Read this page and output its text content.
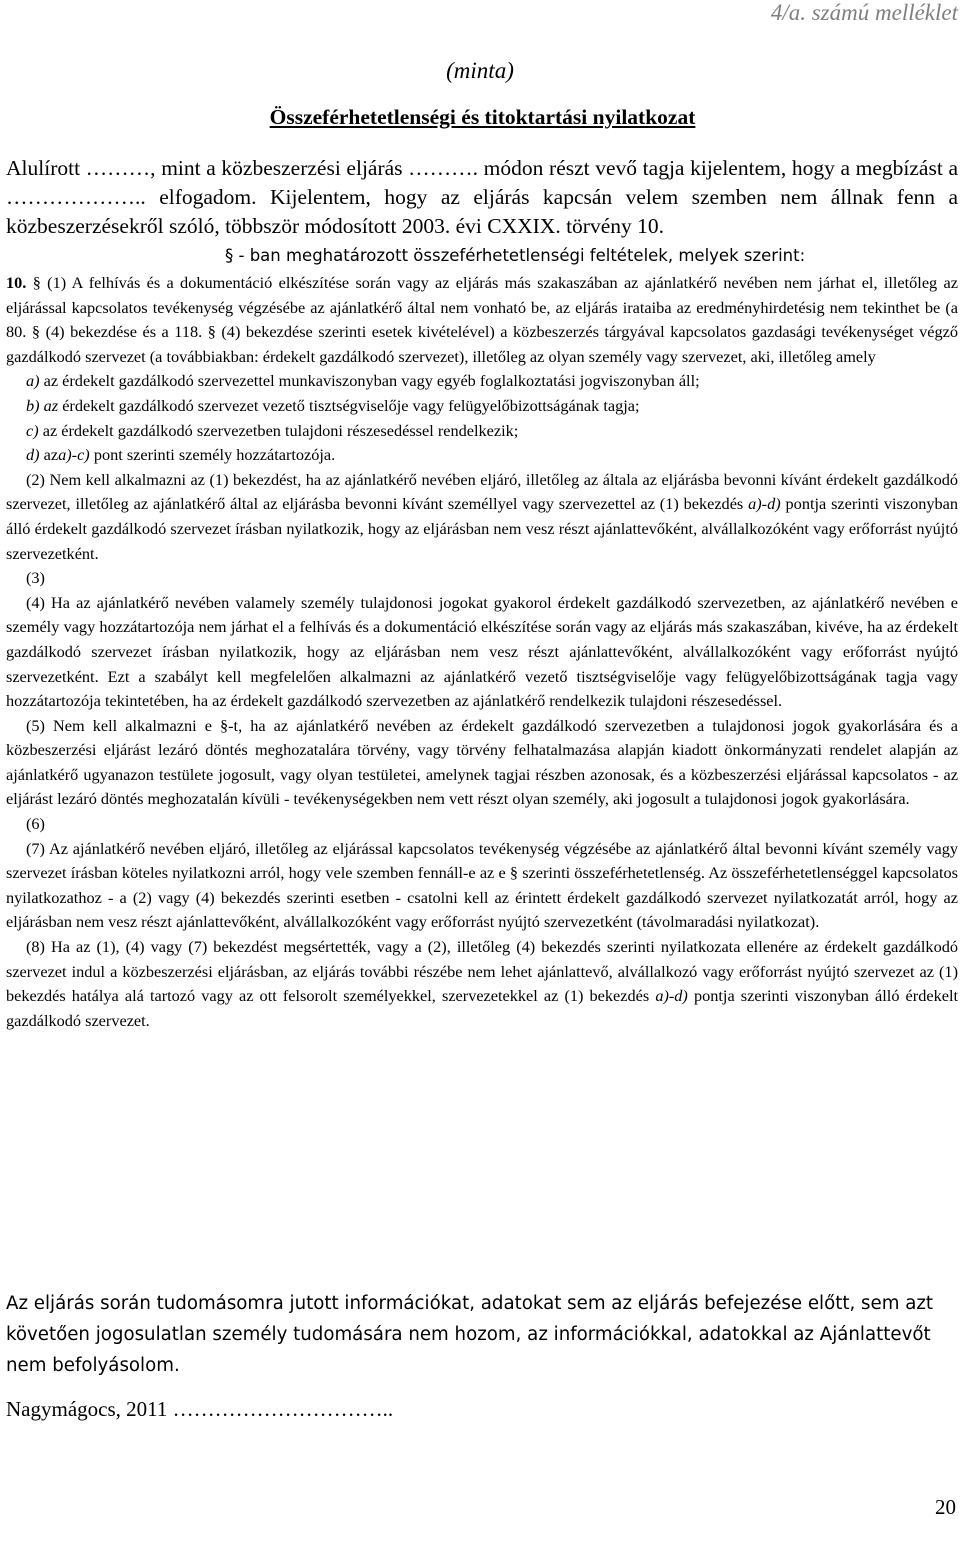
4/a. számú melléklet
(minta)
Összeférhetetlenségi és titoktartási nyilatkozat
Alulírott ………, mint a közbeszerzési eljárás ………. módon részt vevő tagja kijelentem, hogy a megbízást a ……………….. elfogadom. Kijelentem, hogy az eljárás kapcsán velem szemben nem állnak fenn a közbeszerzésekről szóló, többször módosított 2003. évi CXXIX. törvény 10.
§ - ban meghatározott összeférhetetlenségi feltételek, melyek szerint:

10. § (1) A felhívás és a dokumentáció elkészítése során vagy az eljárás más szakaszában az ajánlatkérő nevében nem járhat el, illetőleg az eljárással kapcsolatos tevékenység végzésébe az ajánlatkérő által nem vonható be, az eljárás irataiba az eredményhirdetésig nem tekinthet be (a 80. § (4) bekezdése és a 118. § (4) bekezdése szerinti esetek kivételével) a közbeszerzés tárgyával kapcsolatos gazdasági tevékenységet végző gazdálkodó szervezet (a továbbiakban: érdekelt gazdálkodó szervezet), illetőleg az olyan személy vagy szervezet, aki, illetőleg amely

a) az érdekelt gazdálkodó szervezettel munkaviszonyban vagy egyéb foglalkoztatási jogviszonyban áll;

b) az érdekelt gazdálkodó szervezet vezető tisztségviselője vagy felügyelőbizottságának tagja;

c) az érdekelt gazdálkodó szervezetben tulajdoni részesedéssel rendelkezik;

d) aza)-c) pont szerinti személy hozzátartozója.

(2) Nem kell alkalmazni az (1) bekezdést, ha az ajánlatkérő nevében eljáró, illetőleg az általa az eljárásba bevonni kívánt érdekelt gazdálkodó szervezet, illetőleg az ajánlatkérő által az eljárásba bevonni kívánt személlyel vagy szervezettel az (1) bekezdés a)-d) pontja szerinti viszonyban álló érdekelt gazdálkodó szervezet írásban nyilatkozik, hogy az eljárásban nem vesz részt ajánlattevőként, alvállalkozóként vagy erőforrást nyújtó szervezetként.

(3)

(4) Ha az ajánlatkérő nevében valamely személy tulajdonosi jogokat gyakorol érdekelt gazdálkodó szervezetben, az ajánlatkérő nevében e személy vagy hozzátartozója nem járhat el a felhívás és a dokumentáció elkészítése során vagy az eljárás más szakaszában, kivéve, ha az érdekelt gazdálkodó szervezet írásban nyilatkozik, hogy az eljárásban nem vesz részt ajánlattevőként, alvállalkozóként vagy erőforrást nyújtó szervezetként. Ezt a szabályt kell megfelelően alkalmazni az ajánlatkérő vezető tisztségviselője vagy felügyelőbizottságának tagja vagy hozzátartozója tekintetében, ha az érdekelt gazdálkodó szervezetben az ajánlatkérő rendelkezik tulajdoni részesedéssel.

(5) Nem kell alkalmazni e §-t, ha az ajánlatkérő nevében az érdekelt gazdálkodó szervezetben a tulajdonosi jogok gyakorlására és a közbeszerzési eljárást lezáró döntés meghozatalára törvény, vagy törvény felhatalmazása alapján kiadott önkormányzati rendelet alapján az ajánlatkérő ugyanazon testülete jogosult, vagy olyan testületei, amelynek tagjai részben azonosak, és a közbeszerzési eljárással kapcsolatos - az eljárást lezáró döntés meghozatalán kívüli - tevékenységekben nem vett részt olyan személy, aki jogosult a tulajdonosi jogok gyakorlására.

(6)

(7) Az ajánlatkérő nevében eljáró, illetőleg az eljárással kapcsolatos tevékenység végzésébe az ajánlatkérő által bevonni kívánt személy vagy szervezet írásban köteles nyilatkozni arról, hogy vele szemben fennáll-e az e § szerinti összeférhetetlenség. Az összeférhetetlenséggel kapcsolatos nyilatkozathoz - a (2) vagy (4) bekezdés szerinti esetben - csatolni kell az érintett érdekelt gazdálkodó szervezet nyilatkozatát arról, hogy az eljárásban nem vesz részt ajánlattevőként, alvállalkozóként vagy erőforrást nyújtó szervezetként (távolmaradási nyilatkozat).

(8) Ha az (1), (4) vagy (7) bekezdést megsértették, vagy a (2), illetőleg (4) bekezdés szerinti nyilatkozata ellenére az érdekelt gazdálkodó szervezet indul a közbeszerzési eljárásban, az eljárás további részébe nem lehet ajánlattevő, alvállalkozó vagy erőforrást nyújtó szervezet az (1) bekezdés hatálya alá tartozó vagy az ott felsorolt személyekkel, szervezetekkel az (1) bekezdés a)-d) pontja szerinti viszonyban álló érdekelt gazdálkodó szervezet.

Az eljárás során tudomásomra jutott információkat, adatokat sem az eljárás befejezése előtt, sem azt követően jogosulatlan személy tudomására nem hozom, az információkkal, adatokkal az Ajánlattevőt nem befolyásolom.
Nagymágocs, 2011 …………………………..
20
